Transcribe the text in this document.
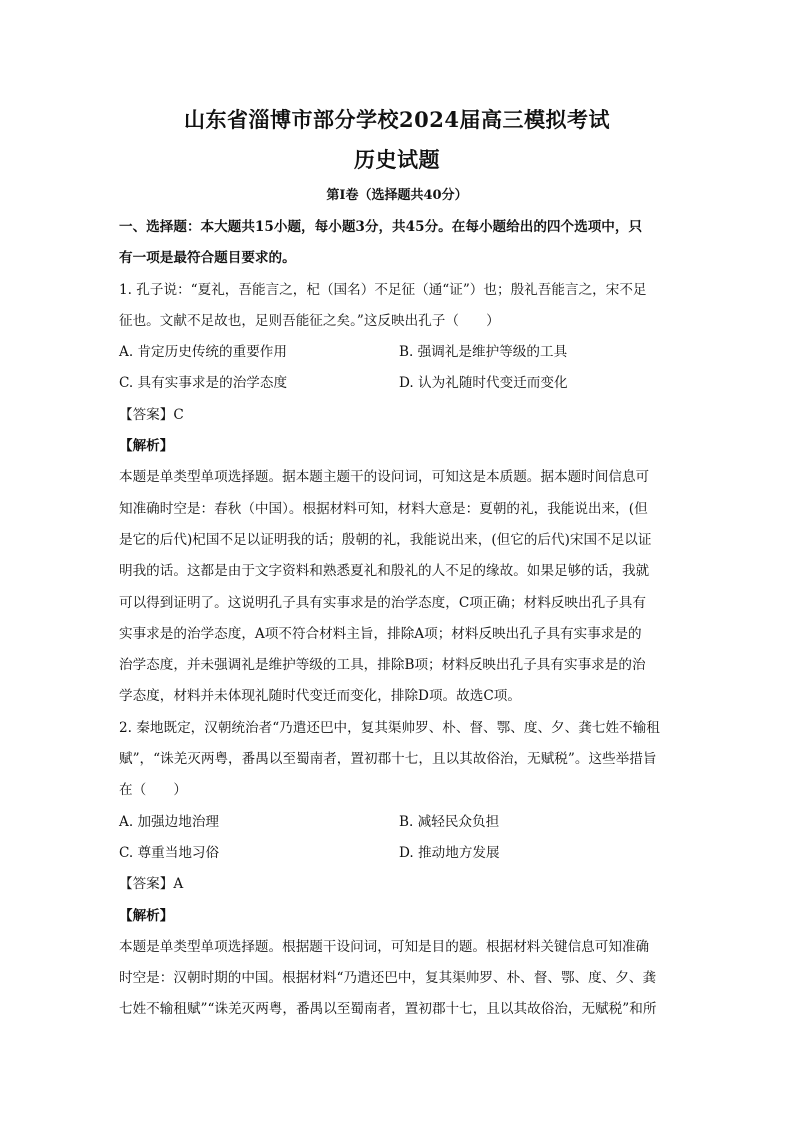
山东省淄博市部分学校2024届高三模拟考试
历史试题
第Ⅰ卷（选择题共40分）
一、选择题：本大题共15小题，每小题3分，共45分。在每小题给出的四个选项中，只
有一项是最符合题目要求的。
1. 孔子说：“夏礼，吾能言之，杞（国名）不足征（通“证”）也；殷礼吾能言之，宋不足
征也。文献不足故也，足则吾能征之矣。”这反映出孔子（　　）
A. 肯定历史传统的重要作用	B. 强调礼是维护等级的工具
C. 具有实事求是的治学态度	D. 认为礼随时代变迁而变化
【答案】C
【解析】
本题是单类型单项选择题。据本题主题干的设问词，可知这是本质题。据本题时间信息可
知准确时空是：春秋（中国）。根据材料可知，材料大意是：夏朝的礼，我能说出来，(但
是它的后代)杞国不足以证明我的话；殷朝的礼，我能说出来，(但它的后代)宋国不足以证
明我的话。这都是由于文字资料和熟悉夏礼和殷礼的人不足的缘故。如果足够的话，我就
可以得到证明了。这说明孔子具有实事求是的治学态度，C项正确；材料反映出孔子具有
实事求是的治学态度，A项不符合材料主旨，排除A项；材料反映出孔子具有实事求是的
治学态度，并未强调礼是维护等级的工具，排除B项；材料反映出孔子具有实事求是的治
学态度，材料并未体现礼随时代变迁而变化，排除D项。故选C项。
2. 秦地既定，汉朝统治者“乃遣还巴中，复其渠帅罗、朴、督、鄂、度、夕、龚七姓不输租
赋”，“诛羌灭两粤，番禺以至蜀南者，置初郡十七，且以其故俗治，无赋税”。这些举措旨
在（　　）
A. 加强边地治理	B. 减轻民众负担
C. 尊重当地习俗	D. 推动地方发展
【答案】A
【解析】
本题是单类型单项选择题。根据题干设问词，可知是目的题。根据材料关键信息可知准确
时空是：汉朝时期的中国。根据材料“乃遣还巴中，复其渠帅罗、朴、督、鄂、度、夕、龚
七姓不输租赋”“诛羌灭两粤，番禺以至蜀南者，置初郡十七，且以其故俗治，无赋税”和所
